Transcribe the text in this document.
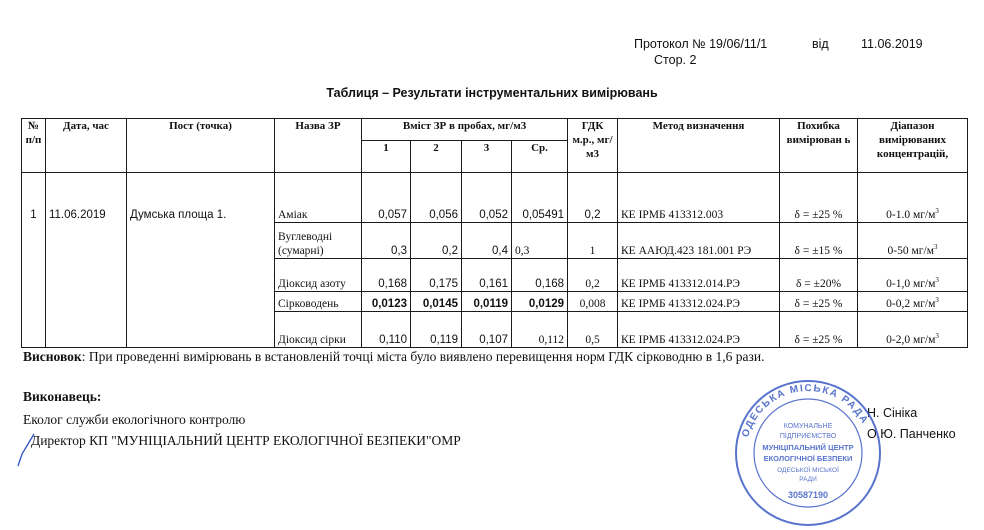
Протокол № 19/06/11/1	від	11.06.2019
Стор. 2
Таблиця – Результати інструментальних вимірювань
№ п/п	Дата, час	Пост (точка)	Назва ЗР	Вміст ЗР в пробах, мг/м3				ГДК м.р., мг/м3	Метод визначення	Похибка вимірюван ь	Діапазон вимірюваних концентрацій,
				1	2	3	Ср.				
1	11.06.2019	Думська площа 1.	Аміак	0,057	0,056	0,052	0,05491	0,2	КЕ ІРМБ 413312.003	δ = ±25 %	0-1.0 $мг/м^3$
			Вуглеводні (сумарні)	0,3	0,2	0,4	0,3	1	КЕ ААЮД.423 181.001 РЭ	δ = ±15 %	0-50 $мг/м^3$
			Діоксид азоту	0,168	0,175	0,161	0,168	0,2	КЕ ІРМБ 413312.014.РЭ	δ = ±20%	0-1,0 $мг/м^3$
			Сірководень	0,0123	0,0145	0,0119	0,0129	0,008	КЕ ІРМБ 413312.024.РЭ	δ = ±25 %	0-0,2 $мг/м^3$
			Діоксид сірки	0,110	0,119	0,107	0,112	0,5	КЕ ІРМБ 413312.024.РЭ	δ = ±25 %	0-2,0 $мг/м^3$
Висновок: При проведенні вимірювань в встановленій точці міста було виявлено перевищення норм ГДК сірководню в 1,6 рази.
Виконавець:
Еколог служби екологічного контролю
Директор КП "МУНІЦІАЛЬНИЙ ЦЕНТР ЕКОЛОГІЧНОЇ БЕЗПЕКИ"ОМР
Н. Сініка
О.Ю. Панченко
ОДЕСЬКА МІСЬКА РАДА
КОМУНАЛЬНЕ
ПІДПРИЄМСТВО
МУНІЦІПАЛЬНИЙ ЦЕНТР
ЕКОЛОГІЧНОЇ БЕЗПЕКИ
ОДЕСЬКОЇ МІСЬКОЇ
РАДИ
30587190
